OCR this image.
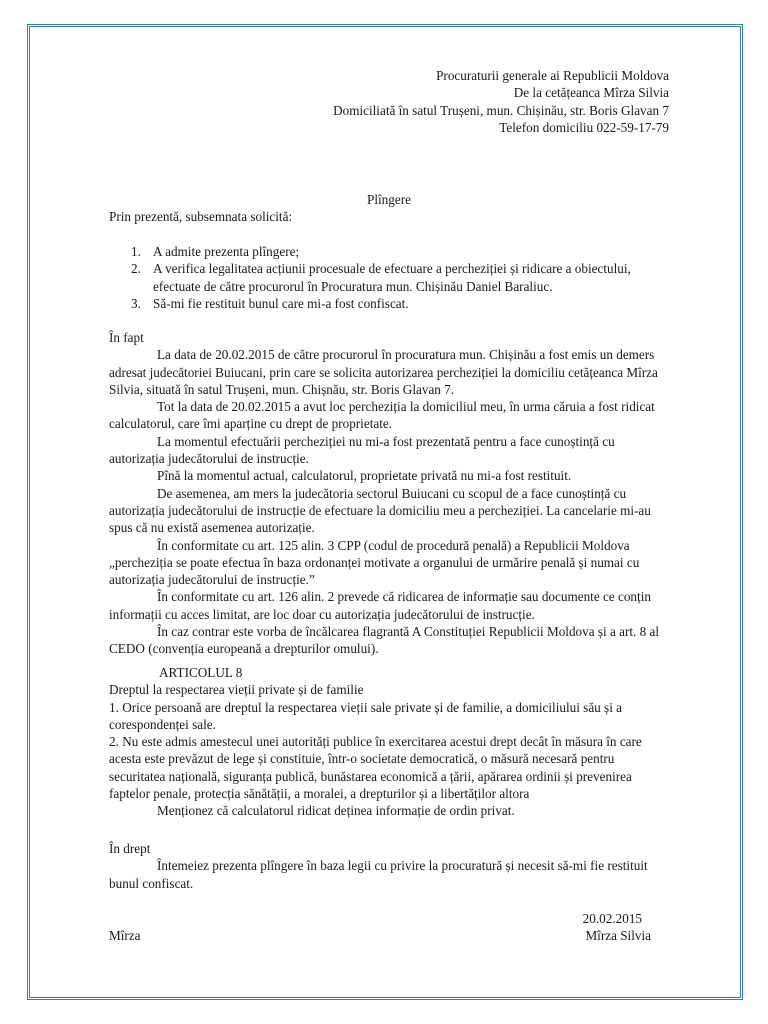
Procuraturii generale ai Republicii Moldova
De la cetățeanca Mîrza Silvia
Domiciliată în satul Trușeni, mun. Chișinău, str. Boris Glavan 7
Telefon domiciliu 022-59-17-79
Plîngere
Prin prezentă, subsemnata solicită:
1. A admite prezenta plîngere;
2. A verifica legalitatea acțiunii procesuale de efectuare a percheziției și ridicare a obiectului, efectuate de către procurorul în Procuratura mun. Chișinău Daniel Baraliuc.
3. Să-mi fie restituit bunul care mi-a fost confiscat.

În fapt

La data de 20.02.2015 de către procurorul în procuratura mun. Chișinău a fost emis un demers adresat judecătoriei Buiucani, prin care se solicita autorizarea percheziției la domiciliu cetățeanca Mîrza Silvia, situată în satul Trușeni, mun. Chișnău, str. Boris Glavan 7.

Tot la data de 20.02.2015 a avut loc percheziția la domiciliul meu, în urma căruia a fost ridicat calculatorul, care îmi aparține cu drept de proprietate.

La momentul efectuării percheziției nu mi-a fost prezentată pentru a face cunoștință cu autorizația judecătorului de instrucție.

Pînă la momentul actual, calculatorul, proprietate privată nu mi-a fost restituit.

De asemenea, am mers la judecătoria sectorul Buiucani cu scopul de a face cunoștință cu autorizația judecătorului de instrucție de efectuare la domiciliu meu a percheziției. La cancelarie mi-au spus că nu există asemenea autorizație.

În conformitate cu art. 125 alin. 3 CPP (codul de procedură penală) a Republicii Moldova „percheziția se poate efectua în baza ordonanței motivate a organului de urmărire penală și numai cu autorizația judecătorului de instrucție.”

În conformitate cu art. 126 alin. 2 prevede că ridicarea de informație sau documente ce conțin informații cu acces limitat, are loc doar cu autorizația judecătorului de instrucție.

În caz contrar este vorba de încălcarea flagrantă A Constituției Republicii Moldova și a art. 8 al CEDO (convenția europeană a drepturilor omului).

ARTICOLUL 8

Dreptul la respectarea vieții private și de familie

1. Orice persoană are dreptul la respectarea vieții sale private și de familie, a domiciliului său și a corespondenței sale.

2. Nu este admis amestecul unei autorități publice în exercitarea acestui drept decât în măsura în care acesta este prevăzut de lege și constituie, într-o societate democratică, o măsură necesară pentru securitatea națională, siguranța publică, bunăstarea economică a țării, apărarea ordinii și prevenirea faptelor penale, protecția sănătății, a moralei, a drepturilor și a libertăților altora

Menționez că calculatorul ridicat deținea informație de ordin privat.

În drept

Întemeiez prezenta plîngere în baza legii cu privire la procuratură și necesit să-mi fie restituit bunul confiscat.

20.02.2015
Mîrza	Mîrza Silvia
